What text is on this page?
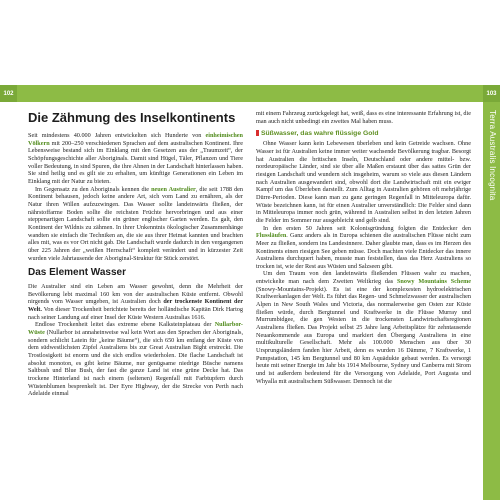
102	103
Terra Australis Incognita
Die Zähmung des Inselkontinents

Seit mindestens 40.000 Jahren entwickelten sich Hunderte von einheimischen Völkern mit 200–250 verschiedenen Sprachen auf dem australischen Kontinent. Ihre Lebensweise bestand sich im Einklang mit den Gesetzen aus der „Traumzeit“, der Schöpfungsgeschichte aller Aboriginals. Damit sind Hügel, Täler, Pflanzen und Tiere voller Bedeutung, in sind Spuren, die ihre Ahnen in der Landschaft hinterlassen haben. Sie sind heilig und es gilt sie zu erhalten, um künftige Generationen ein Leben im Einklang mit der Natur zu bieten.

Im Gegensatz zu den Aboriginals kennen die neuen Australier, die seit 1788 den Kontinent behausen, jedoch keine andere Art, sich vom Land zu ernähren, als der Natur ihren Willen aufzuzwingen. Das Wasser sollte landeinwärts fließen, der nährstoffarme Boden sollte die reichsten Früchte hervorbringen und aus einer steppenartigen Landschaft sollte ein grüner englischer Garten werden. Es galt, den Kontinent der Wildnis zu zähmen. In ihrer Unkenntnis ökologischer Zusammenhänge wandten sie einfach die Techniken an, die sie aus ihrer Heimat kannten und brachten alles mit, was es vor Ort nicht gab. Die Landschaft wurde dadurch in den vergangenen über 225 Jahren der „weißen Herrschaft“ komplett verändert und in kürzester Zeit wurden viele Jahrtausende der Aboriginal-Struktur für Stück zerstört.

Das Element Wasser

Die Australier sind ein Leben am Wasser gewohnt, denn die Mehrheit der Bevölkerung lebt maximal 160 km von der australischen Küste entfernt. Obwohl nirgends vom Wasser umgeben, ist Australien doch der trockenste Kontinent der Welt. Von dieser Trockenheit berichtete bereits der holländische Kapitän Dirk Hartog nach seiner Landung auf einer Insel der Küste Western Australias 1616.

Endlose Trockenheit leitet das extreme ebene Kalksteinplateau der Nullarbor-Wüste (Nullarbor ist annaheinweise wal kein Wort aus den Sprachen der Aboriginals, sondern schlicht Latein für „keine Bäume“), die sich 650 km entlang der Küste von dem südwestlichsten Zipfel Australiens bis zur Great Australian Bight erstreckt. Die Trostlosigkeit ist enorm und die sich endlos wiederholen. Die flache Landschaft ist absolut monoton, es gibt keine Bäume, nur genügsame niedrige Büsche namens Saltbush und Blue Bush, der fast die ganze Land ist eine grüne Decke hat. Das trockene Hinterland ist nach einem (seltenen) Regenfall mit Farbtupfern durch Wüstenblumen besprenkelt ist. Der Eyre Highway, der die Strecke von Perth nach Adelaide einmal

mit einem Fahrzeug zurückgelegt hat, weiß, dass es eine interessante Erfahrung ist, die man auch nicht unbedingt ein zweites Mal haben muss.

Süßwasser, das wahre flüssige Gold

Ohne Wasser kann kein Lebewesen überleben und kein Getreide wachsen. Ohne Wasser ist für Australien keine immer weiter wachsende Bevölkerung tragbar. Besorgt hat Australien die britischen Inseln, Deutschland oder andere mittel- bzw. nordeuropäische Länder, sind sie über alle Maßen erstaunt über das sattes Grün der riesigen Landschaft und wundern sich insgeheim, warum so viele aus diesen Ländern nach Australien ausgewandert sind, obwohl dort die Landwirtschaft mit ein ewiger Kampf um das Überleben darstellt. Zum Alltag in Australien gehören oft mehrjährige Dürre-Perioden. Diese kann man zu ganz geringen Regenfall in Mitteleuropa dafür. Wüste bezeichnen kann, ist für einen Australier unverständlich: Die Felder sind dann in Mitteleuropa immer noch grün, während in Australien selbst in den letzten Jahren die Felder im Sommer nur ausgebleicht und gelb sind.

In den ersten 50 Jahren seit Kolonisgründung folgten die Entdecker den Flussläufen. Ganz anders als in Europa schienen die australischen Flüsse nicht zum Meer zu fließen, sondern ins Landesinnere. Daher glaubte man, dass es im Herzen des Kontinents einen riesigen See geben müsse. Doch machten viele Entdecker das innere Australiens durchquert haben, musste man feststellen, dass das Herz Australiens so trocken ist, wie der Rest aus Wüsten und Salzseen gibt.

Um den Traum von den landeinwärts fließenden Flüssen wahr zu machen, entwickelte man nach dem Zweiten Weltkrieg das Snowy Mountains Scheme (Snowy-Mountains-Projekt). Es ist eine der komplexesten hydroelektrischen Kraftwerkanlagen der Welt. Es führt das Regen- und Schmelzwasser der australischen Alpen in New South Wales und Victoria, das normalerweise gen Osten zur Küste fließen würde, durch Bergtunnel und Kraftwerke in die Flüsse Murray und Murrumbidgee, die gen Westen in die trockensten Landwirtschaftsregionen Australiens fließen. Das Projekt selbst 25 Jahre lang Arbeitsplätze für zehntausende Neuankommende aus Europa und markiert den Übergang Australiens in eine multikulturelle Gesellschaft. Mehr als 100.000 Menschen aus über 30 Ursprungsländern fanden hier Arbeit, denn es wurden 16 Dämme, 7 Kraftwerke, 1 Pumpstation, 145 km Bergtunnel und 80 km Aquädukte gebaut werden. Es versorgt heute mit seiner Energie im Jahr bis 1914 Melbourne, Sydney und Canberra mit Strom und ist außerdem bedeutend für die Versorgung von Adelaide, Port Augusta und Whyalla mit australischem Süßwasser. Dennoch ist die
